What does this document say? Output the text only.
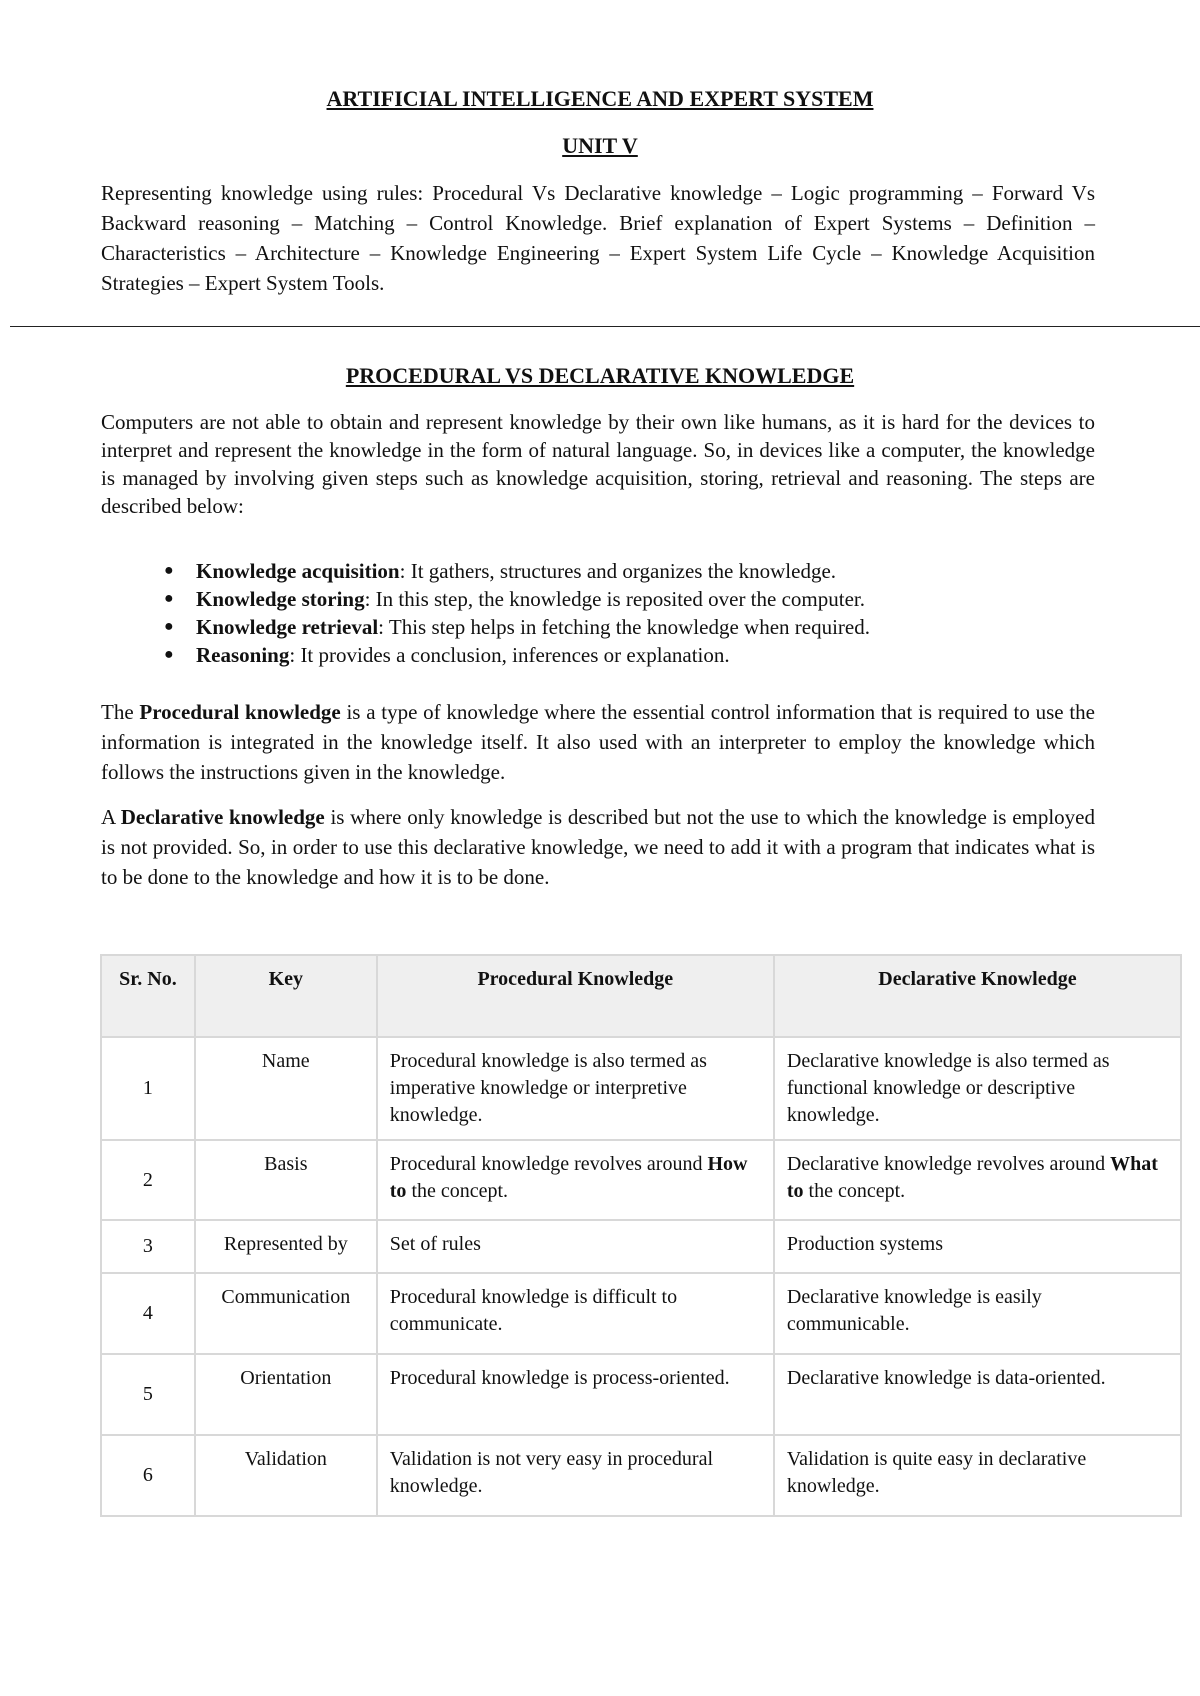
ARTIFICIAL INTELLIGENCE AND EXPERT SYSTEM
UNIT V

Representing knowledge using rules: Procedural Vs Declarative knowledge – Logic programming – Forward Vs Backward reasoning – Matching – Control Knowledge. Brief explanation of Expert Systems – Definition – Characteristics – Architecture – Knowledge Engineering – Expert System Life Cycle – Knowledge Acquisition Strategies – Expert System Tools.

PROCEDURAL VS DECLARATIVE KNOWLEDGE

Computers are not able to obtain and represent knowledge by their own like humans, as it is hard for the devices to interpret and represent the knowledge in the form of natural language. So, in devices like a computer, the knowledge is managed by involving given steps such as knowledge acquisition, storing, retrieval and reasoning. The steps are described below:

● Knowledge acquisition: It gathers, structures and organizes the knowledge.
● Knowledge storing: In this step, the knowledge is reposited over the computer.
● Knowledge retrieval: This step helps in fetching the knowledge when required.
● Reasoning: It provides a conclusion, inferences or explanation.

The Procedural knowledge is a type of knowledge where the essential control information that is required to use the information is integrated in the knowledge itself. It also used with an interpreter to employ the knowledge which follows the instructions given in the knowledge.

A Declarative knowledge is where only knowledge is described but not the use to which the knowledge is employed is not provided. So, in order to use this declarative knowledge, we need to add it with a program that indicates what is to be done to the knowledge and how it is to be done.

Sr. No.	Key	Procedural Knowledge	Declarative Knowledge
1	Name	Procedural knowledge is also termed as imperative knowledge or interpretive knowledge.	Declarative knowledge is also termed as functional knowledge or descriptive knowledge.
2	Basis	Procedural knowledge revolves around How to the concept.	Declarative knowledge revolves around What to the concept.
3	Represented by	Set of rules	Production systems
4	Communication	Procedural knowledge is difficult to communicate.	Declarative knowledge is easily communicable.
5	Orientation	Procedural knowledge is process-oriented.	Declarative knowledge is data-oriented.
6	Validation	Validation is not very easy in procedural knowledge.	Validation is quite easy in declarative knowledge.
